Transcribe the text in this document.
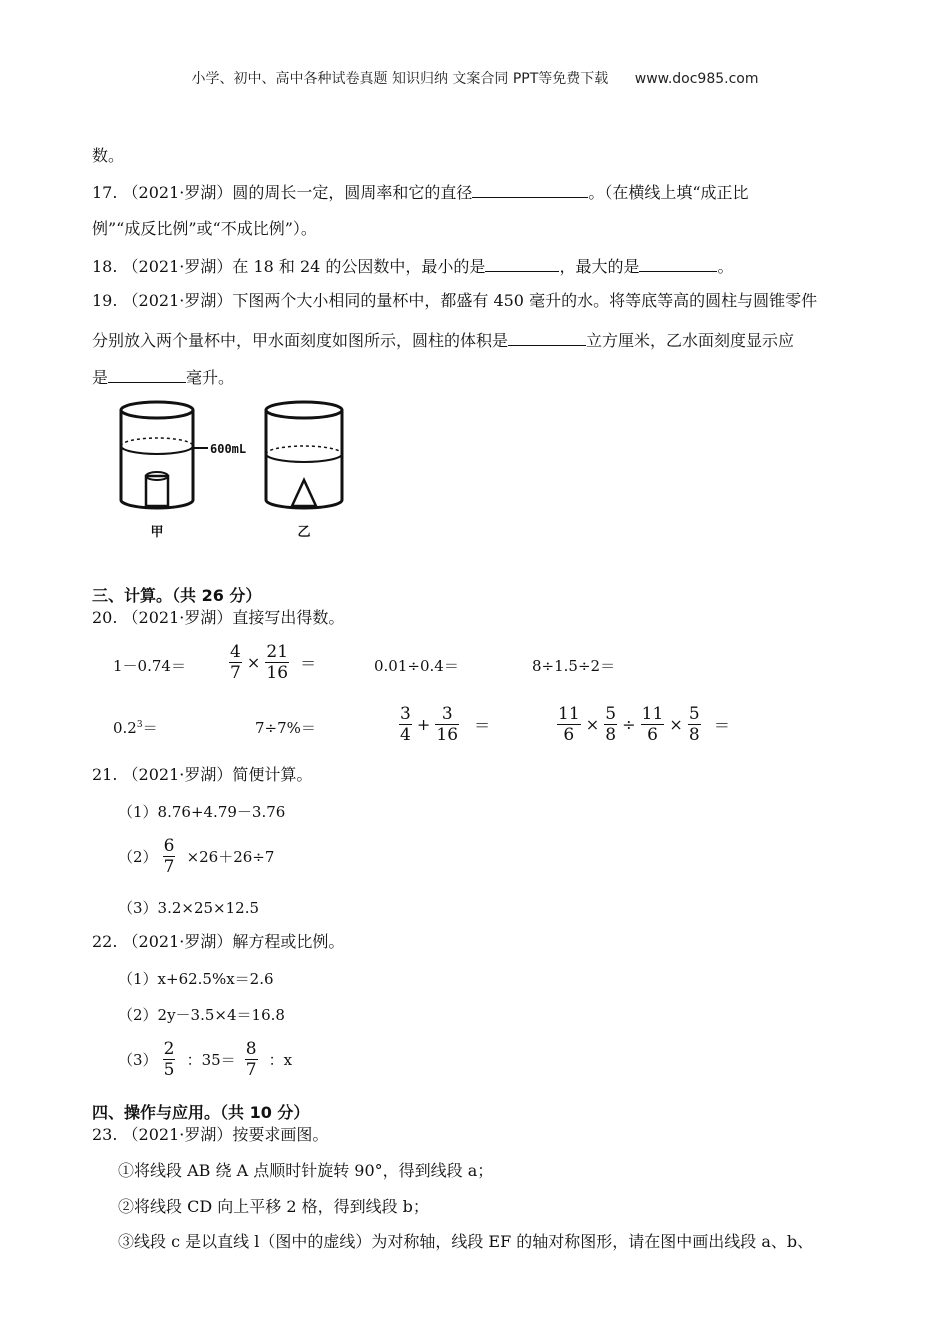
小学、初中、高中各种试卷真题 知识归纳 文案合同 PPT等免费下载 www.doc985.com
数。
17. （2021·罗湖）圆的周长一定，圆周率和它的直径	。（在横线上填“成正比
例”“成反比例”或“不成比例”）。
18. （2021·罗湖）在 18 和 24 的公因数中，最小的是	，最大的是	。
19. （2021·罗湖）下图两个大小相同的量杯中，都盛有 450 毫升的水。将等底等高的圆柱与圆锥零件
分别放入两个量杯中，甲水面刻度如图所示，圆柱的体积是	立方厘米，乙水面刻度显示应
是	毫升。
600mL
甲	乙
三、计算。（共 26 分）
20. （2021·罗湖）直接写出得数。
1－0.74＝	$\frac{4}{7} \times \frac{21}{16}$ ＝	0.01÷0.4＝	8÷1.5÷2＝
$0.2^3=$	7÷7%＝	$\frac{3}{4} + \frac{3}{16}$ ＝	$\frac{11}{6} \times \frac{5}{8} \div \frac{11}{6} \times \frac{5}{8}$ ＝
21. （2021·罗湖）简便计算。
（1）8.76+4.79－3.76
$(2) \frac{6}{7} \times 26+26\div 7$
（3）3.2×25×12.5
22. （2021·罗湖）解方程或比例。
（1）x+62.5%x＝2.6
（2）2y－3.5×4＝16.8
$(3) \frac{2}{5}$ ：$35= \frac{8}{7}$ ：x
四、操作与应用。（共 10 分）
23. （2021·罗湖）按要求画图。
①将线段 AB 绕 A 点顺时针旋转 90°，得到线段 a；
②将线段 CD 向上平移 2 格，得到线段 b；
③线段 c 是以直线 l（图中的虚线）为对称轴，线段 EF 的轴对称图形，请在图中画出线段 a、b、
